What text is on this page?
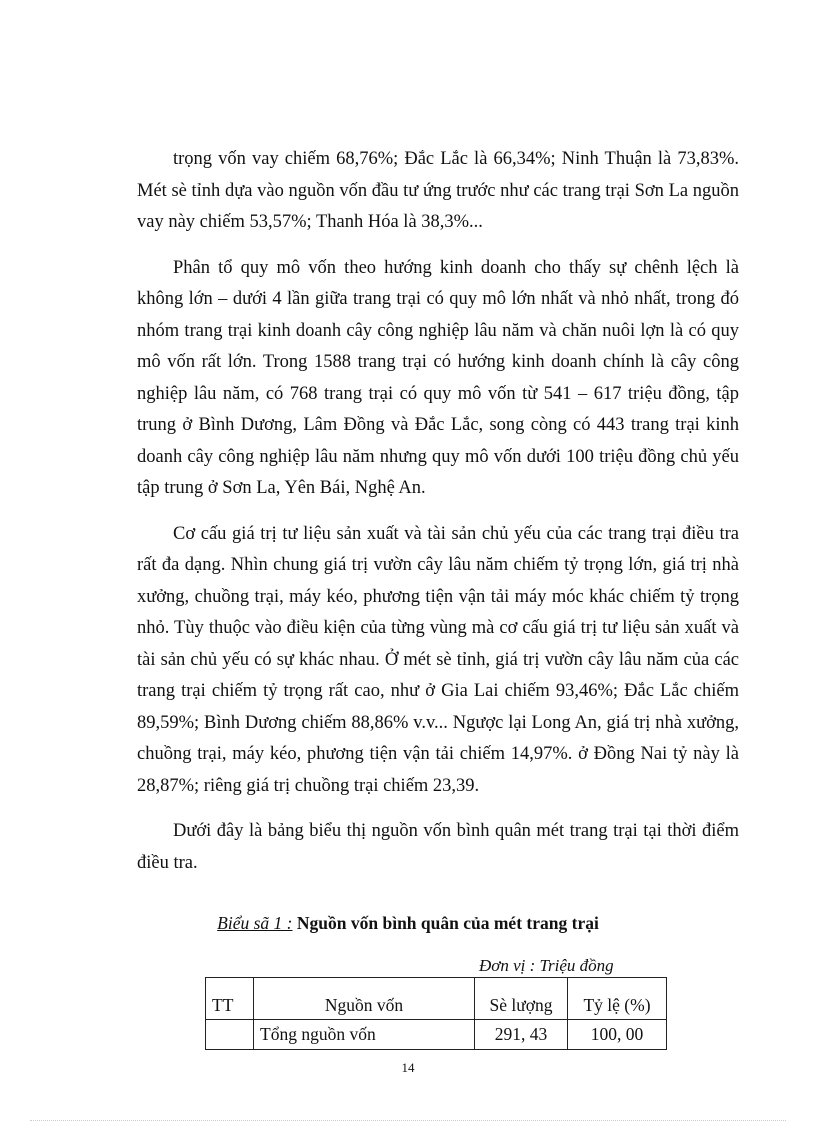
trọng vốn vay chiếm 68,76%; Đắc Lắc là 66,34%; Ninh Thuận là 73,83%. Mét sè tỉnh dựa vào nguồn vốn đầu tư ứng trước như các trang trại Sơn La nguồn vay này chiếm 53,57%; Thanh Hóa là 38,3%...

Phân tổ quy mô vốn theo hướng kinh doanh cho thấy sự chênh lệch là không lớn – dưới 4 lần giữa trang trại có quy mô lớn nhất và nhỏ nhất, trong đó nhóm trang trại kinh doanh cây công nghiệp lâu năm và chăn nuôi lợn là có quy mô vốn rất lớn. Trong 1588 trang trại có hướng kinh doanh chính là cây công nghiệp lâu năm, có 768 trang trại có quy mô vốn từ 541 – 617 triệu đồng, tập trung ở Bình Dương, Lâm Đồng và Đắc Lắc, song còng có 443 trang trại kinh doanh cây công nghiệp lâu năm nhưng quy mô vốn dưới 100 triệu đồng chủ yếu tập trung ở Sơn La, Yên Bái, Nghệ An.

Cơ cấu giá trị tư liệu sản xuất và tài sản chủ yếu của các trang trại điều tra rất đa dạng. Nhìn chung giá trị vườn cây lâu năm chiếm tỷ trọng lớn, giá trị nhà xưởng, chuồng trại, máy kéo, phương tiện vận tải máy móc khác chiếm tỷ trọng nhỏ. Tùy thuộc vào điều kiện của từng vùng mà cơ cấu giá trị tư liệu sản xuất và tài sản chủ yếu có sự khác nhau. Ở mét sè tỉnh, giá trị vườn cây lâu năm của các trang trại chiếm tỷ trọng rất cao, như ở Gia Lai chiếm 93,46%; Đắc Lắc chiếm 89,59%; Bình Dương chiếm 88,86% v.v... Ngược lại Long An, giá trị nhà xưởng, chuồng trại, máy kéo, phương tiện vận tải chiếm 14,97%. ở Đồng Nai tỷ này là 28,87%; riêng giá trị chuồng trại chiếm 23,39.

Dưới đây là bảng biểu thị nguồn vốn bình quân mét trang trại tại thời điểm điều tra.

Biểu sã 1 : Nguồn vốn bình quân của mét trang trại
Đơn vị : Triệu đồng
TT	Nguồn vốn	Sè lượng	Tỷ lệ (%)
	Tổng nguồn vốn	291, 43	100, 00
14
